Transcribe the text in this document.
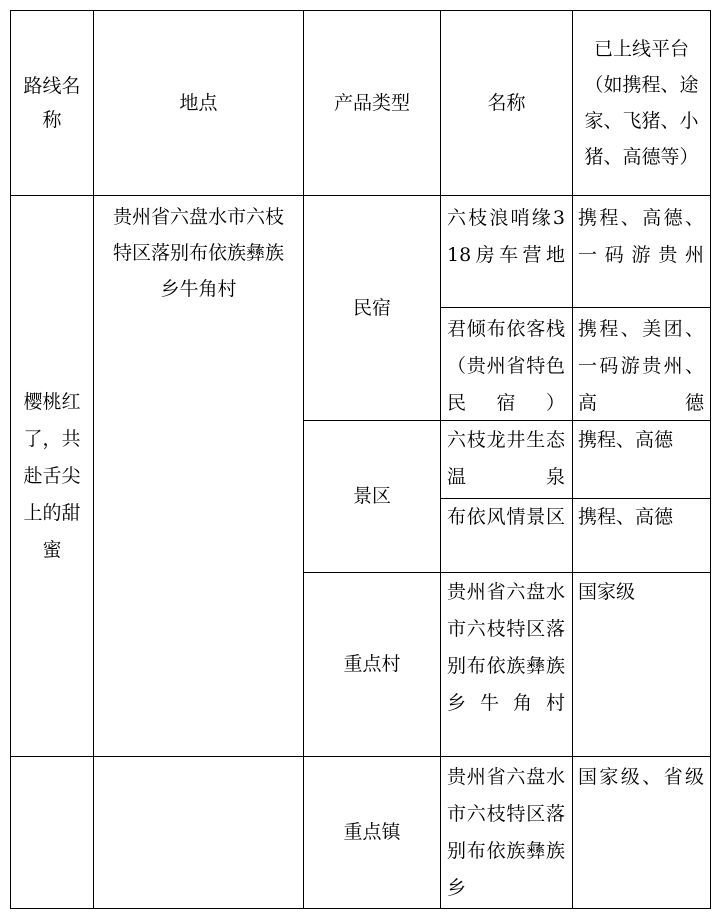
路线名称
地点	产品类型	名称
已上线平台（如携程、途家、飞猪、小猪、高德等）
樱桃红了，共赴舌尖上的甜蜜
贵州省六盘水市六枝特区落别布依族彝族乡牛角村
民宿
六枝浪哨缘318房车营地
携程、高德、一码游贵州
君倾布依客栈（贵州省特色民宿）
携程、美团、一码游贵州、高德
景区
六枝龙井生态温泉
携程、高德
布依风情景区 携程、高德
重点村
贵州省六盘水市六枝特区落别布依族彝族乡牛角村
国家级
重点镇
贵州省六盘水市六枝特区落别布依族彝族乡
国家级、省级
